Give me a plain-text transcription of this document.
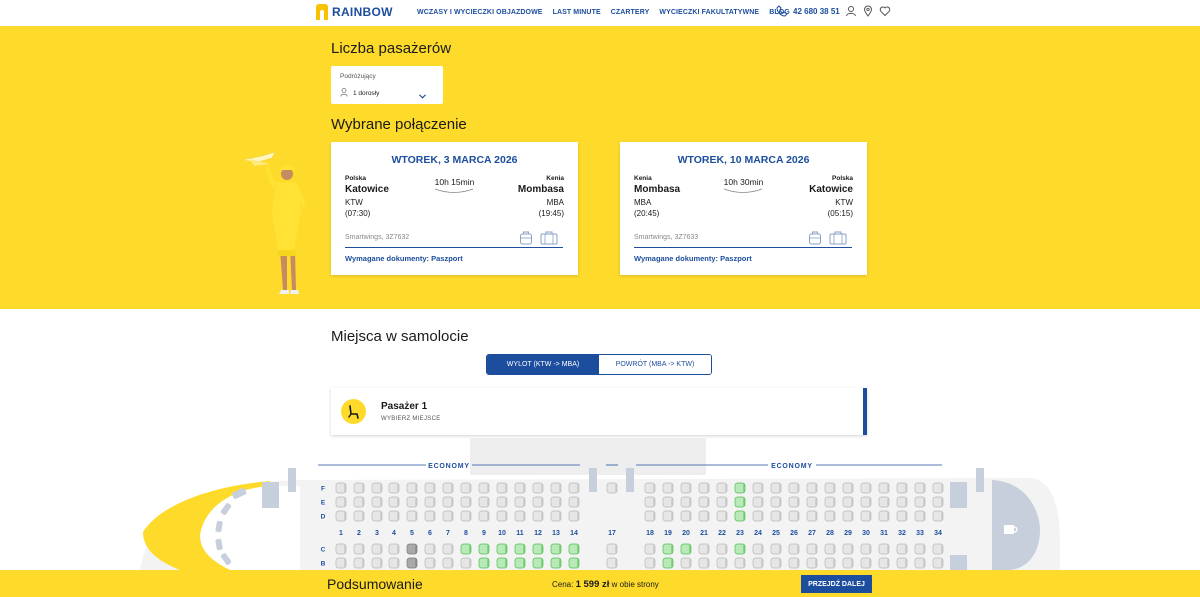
RAINBOW	WCZASY I WYCIECZKI OBJAZDOWE LAST MINUTE CZARTERY WYCIECZKI FAKULTATYWNE BLOG 42 680 38 51
Liczba pasażerów
Podróżujący
1 dorosły
Wybrane połączenie
WTOREK, 3 MARCA 2026
Polska
Katowice
KTW
(07:30)
10h 15min	Kenia
Mombasa
MBA
(19:45)
Smartwings, 3Z7632
Wymagane dokumenty: Paszport
WTOREK, 10 MARCA 2026
Kenia
Mombasa
MBA
(20:45)
10h 30min	Polska
Katowice
KTW
(05:15)
Smartwings, 3Z7633
Wymagane dokumenty: Paszport
Miejsca w samolocie
WYLOT (KTW -> MBA)	POWRÓT (MBA -> KTW)
Pasażer 1
WYBIERZ MIEJSCE
ECONOMY	ECONOMY
F
E
D
C
B
1 2 3 4 5 6 7 8 9 10 11 12 13 14	17	18 19 20 21 22 23 24 25 26 27 28 29 30 31 32 33 34
Podsumowanie	Cena: 1 599 zł w obie strony	PRZEJDŹ DALEJ
